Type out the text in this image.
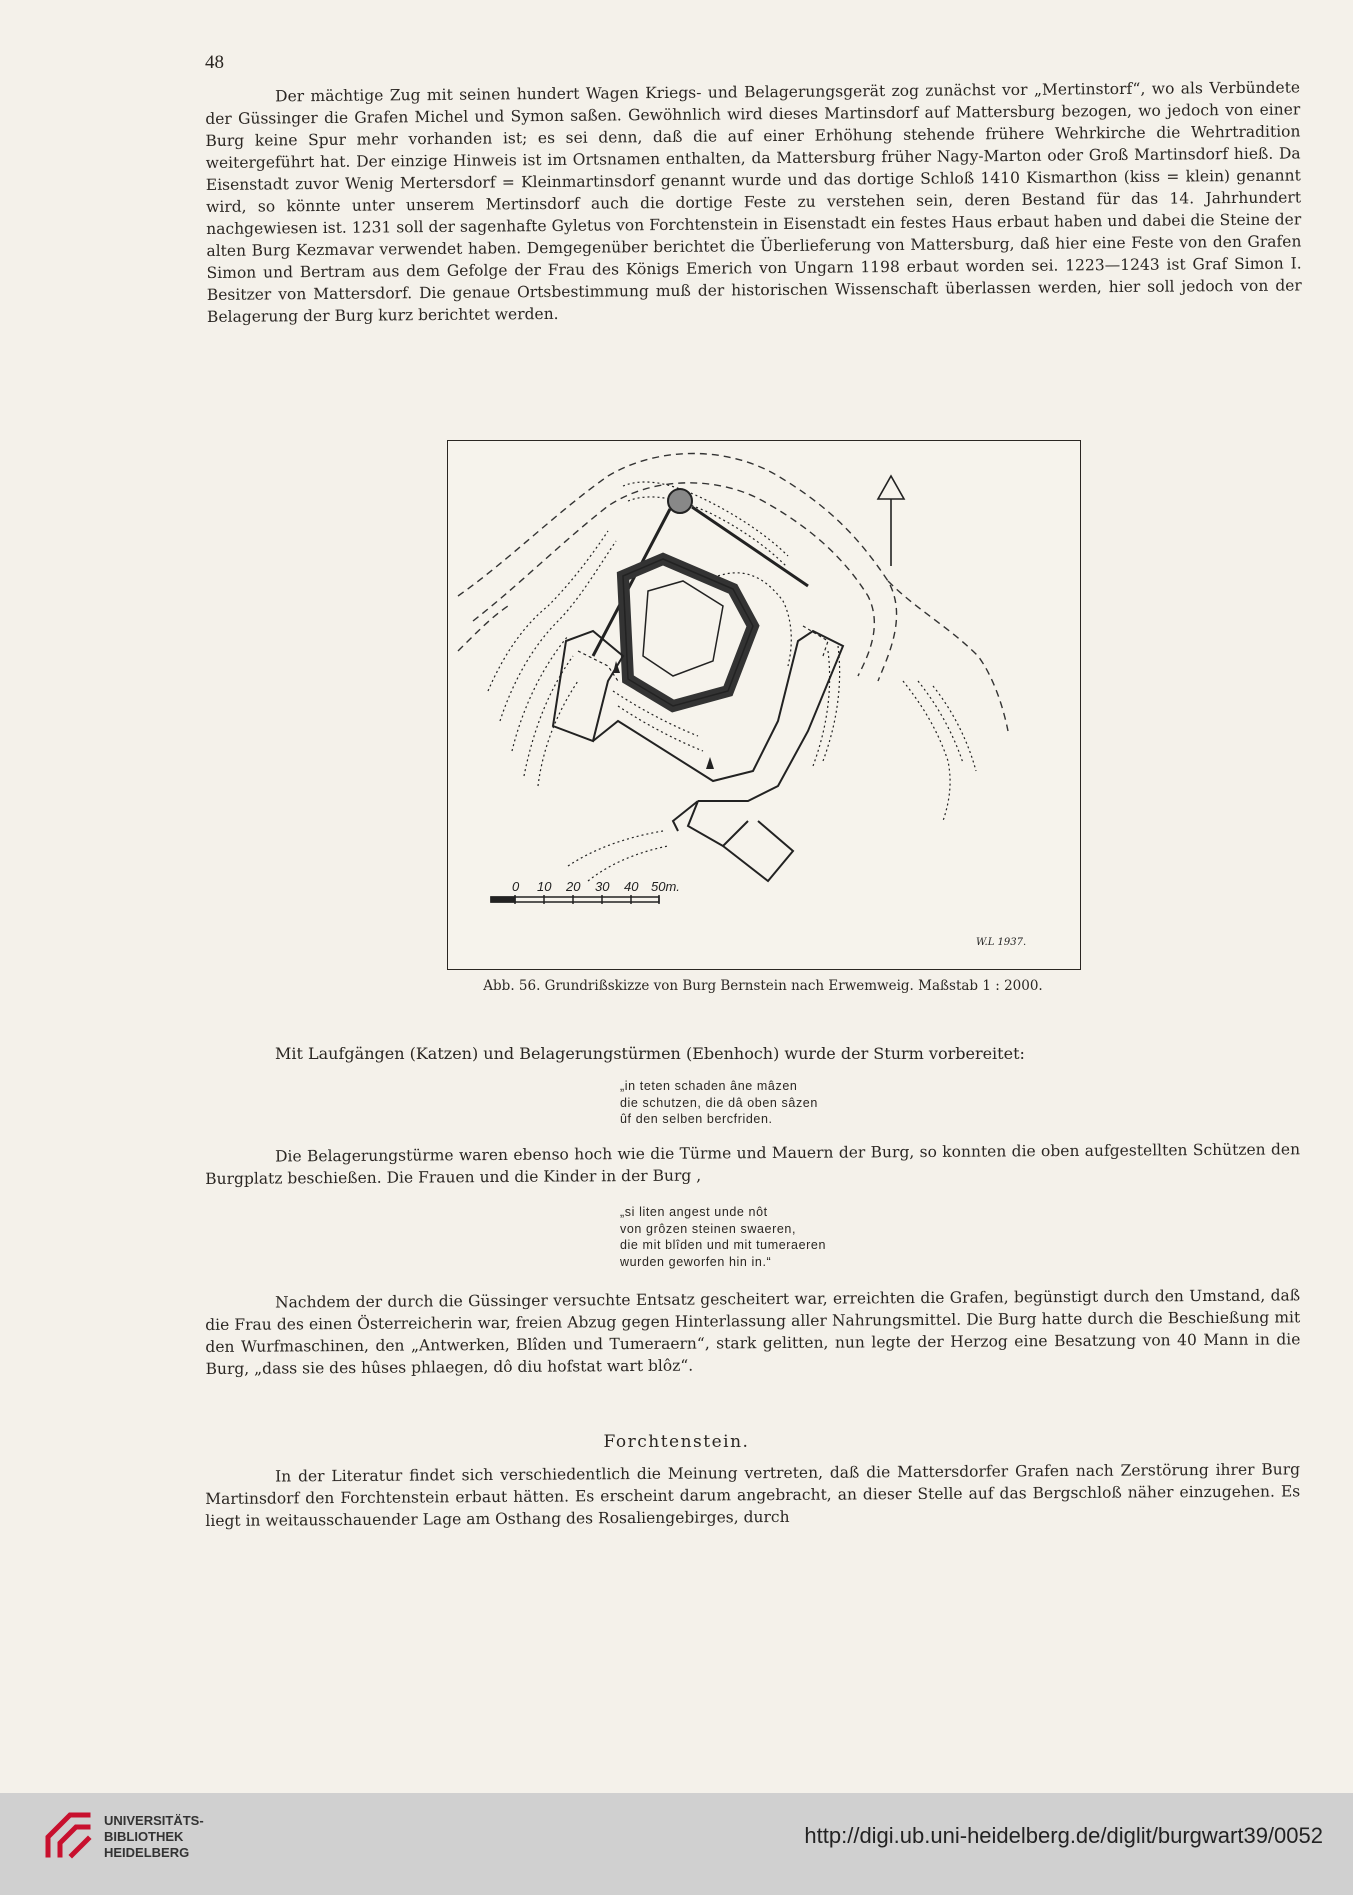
48

Der mächtige Zug mit seinen hundert Wagen Kriegs- und Belagerungsgerät zog zunächst vor „Mertinstorf“, wo als Verbündete der Güssinger die Grafen Michel und Symon saßen. Gewöhnlich wird dieses Martinsdorf auf Mattersburg bezogen, wo jedoch von einer Burg keine Spur mehr vorhanden ist; es sei denn, daß die auf einer Erhöhung stehende frühere Wehrkirche die Wehrtradition weitergeführt hat. Der einzige Hinweis ist im Ortsnamen enthalten, da Mattersburg früher Nagy-Marton oder Groß Martinsdorf hieß. Da Eisenstadt zuvor Wenig Mertersdorf = Kleinmartinsdorf genannt wurde und das dortige Schloß 1410 Kismarthon (kiss = klein) genannt wird, so könnte unter unserem Mertinsdorf auch die dortige Feste zu verstehen sein, deren Bestand für das 14. Jahrhundert nachgewiesen ist. 1231 soll der sagenhafte Gyletus von Forchtenstein in Eisenstadt ein festes Haus erbaut haben und dabei die Steine der alten Burg Kezmavar verwendet haben. Demgegenüber berichtet die Überlieferung von Mattersburg, daß hier eine Feste von den Grafen Simon und Bertram aus dem Gefolge der Frau des Königs Emerich von Ungarn 1198 erbaut worden sei. 1223—1243 ist Graf Simon I. Besitzer von Mattersdorf. Die genaue Ortsbestimmung muß der historischen Wissenschaft überlassen werden, hier soll jedoch von der Belagerung der Burg kurz berichtet werden.

0 10 20 30 40 50m.
W.L 1937.
Abb. 56. Grundrißskizze von Burg Bernstein nach Erwemweig. Maßstab 1 : 2000.
Mit Laufgängen (Katzen) und Belagerungstürmen (Ebenhoch) wurde der Sturm vorbereitet:
„in teten schaden âne mâzen
die schutzen, die dâ oben sâzen
ûf den selben bercfriden.

Die Belagerungstürme waren ebenso hoch wie die Türme und Mauern der Burg, so konnten die oben aufgestellten Schützen den Burgplatz beschießen. Die Frauen und die Kinder in der Burg ,

„si liten angest unde nôt
von grôzen steinen swaeren,
die mit blîden und mit tumeraeren
wurden geworfen hin in.“

Nachdem der durch die Güssinger versuchte Entsatz gescheitert war, erreichten die Grafen, begünstigt durch den Umstand, daß die Frau des einen Österreicherin war, freien Abzug gegen Hinterlassung aller Nahrungsmittel. Die Burg hatte durch die Beschießung mit den Wurfmaschinen, den „Antwerken, Blîden und Tumeraern“, stark gelitten, nun legte der Herzog eine Besatzung von 40 Mann in die Burg, „dass sie des hûses phlaegen, dô diu hofstat wart blôz“.

Forchtenstein.

In der Literatur findet sich verschiedentlich die Meinung vertreten, daß die Mattersdorfer Grafen nach Zerstörung ihrer Burg Martinsdorf den Forchtenstein erbaut hätten. Es erscheint darum angebracht, an dieser Stelle auf das Bergschloß näher einzugehen. Es liegt in weitausschauender Lage am Osthang des Rosaliengebirges, durch

UNIVERSITÄTS-
BIBLIOTHEK
HEIDELBERG
http://digi.ub.uni-heidelberg.de/diglit/burgwart39/0052
